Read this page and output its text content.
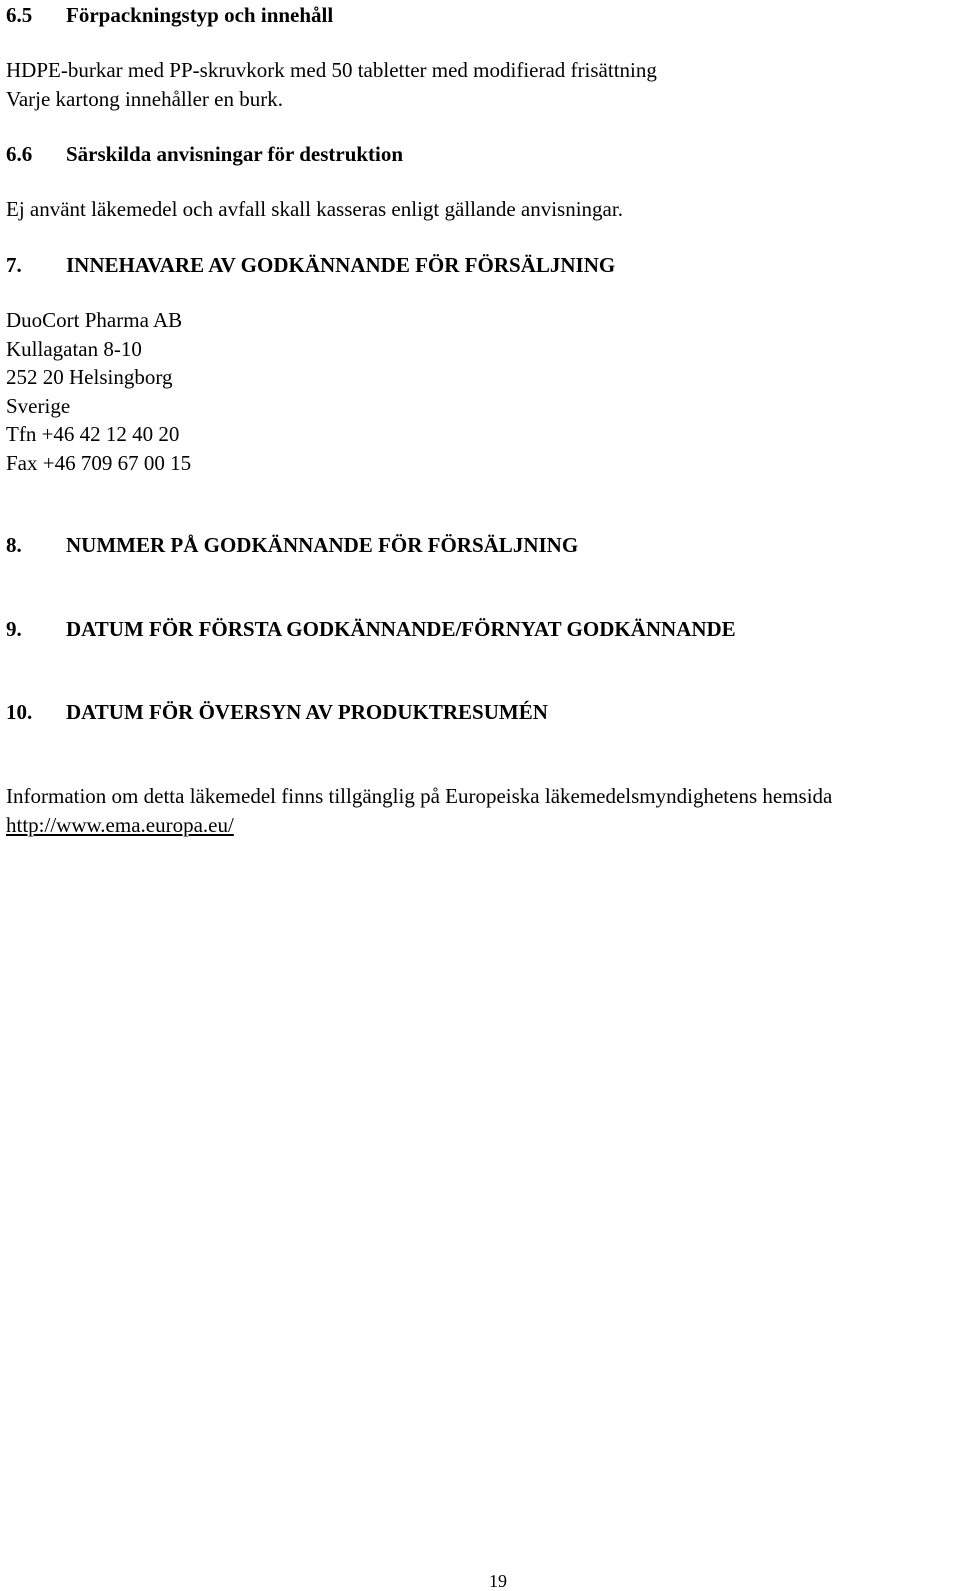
6.5 Förpackningstyp och innehåll
HDPE-burkar med PP-skruvkork med 50 tabletter med modifierad frisättning
Varje kartong innehåller en burk.
6.6 Särskilda anvisningar för destruktion
Ej använt läkemedel och avfall skall kasseras enligt gällande anvisningar.
7. INNEHAVARE AV GODKÄNNANDE FÖR FÖRSÄLJNING
DuoCort Pharma AB
Kullagatan 8-10
252 20 Helsingborg
Sverige
Tfn +46 42 12 40 20
Fax +46 709 67 00 15
8. NUMMER PÅ GODKÄNNANDE FÖR FÖRSÄLJNING
9. DATUM FÖR FÖRSTA GODKÄNNANDE/FÖRNYAT GODKÄNNANDE
10. DATUM FÖR ÖVERSYN AV PRODUKTRESUMÉN
Information om detta läkemedel finns tillgänglig på Europeiska läkemedelsmyndighetens hemsida
http://www.ema.europa.eu/
19
